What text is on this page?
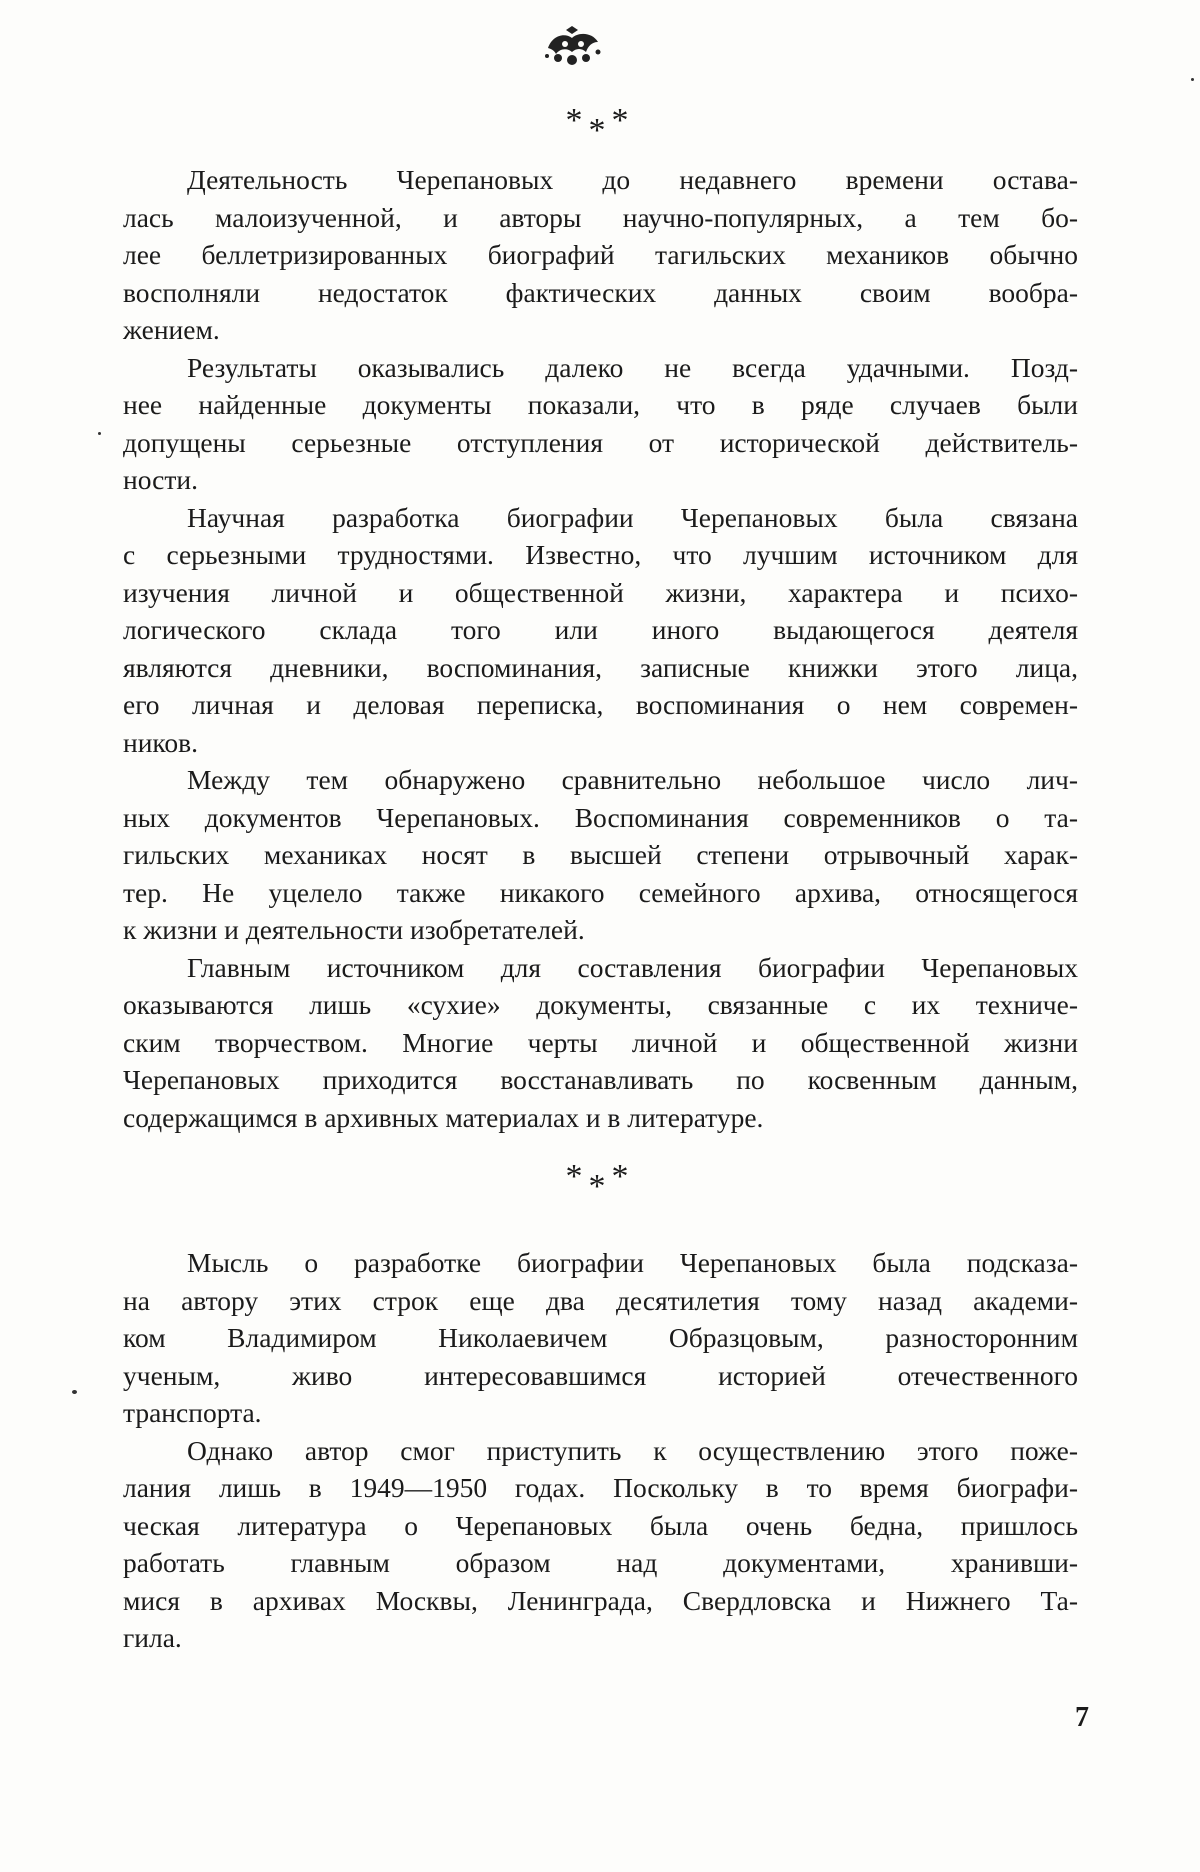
***
Деятельность Черепановых до недавнего времени остава-
лась малоизученной, и авторы научно-популярных, а тем бо-
лее беллетризированных биографий тагильских механиков обычно
восполняли недостаток фактических данных своим вообра-
жением.
Результаты оказывались далеко не всегда удачными. Позд-
нее найденные документы показали, что в ряде случаев были
допущены серьезные отступления от исторической действитель-
ности.
Научная разработка биографии Черепановых была связана
с серьезными трудностями. Известно, что лучшим источником для
изучения личной и общественной жизни, характера и психо-
логического склада того или иного выдающегося деятеля
являются дневники, воспоминания, записные книжки этого лица,
его личная и деловая переписка, воспоминания о нем современ-
ников.
Между тем обнаружено сравнительно небольшое число лич-
ных документов Черепановых. Воспоминания современников о та-
гильских механиках носят в высшей степени отрывочный харак-
тер. Не уцелело также никакого семейного архива, относящегося
к жизни и деятельности изобретателей.
Главным источником для составления биографии Черепановых
оказываются лишь «сухие» документы, связанные с их техниче-
ским творчеством. Многие черты личной и общественной жизни
Черепановых приходится восстанавливать по косвенным данным,
содержащимся в архивных материалах и в литературе.
***
Мысль о разработке биографии Черепановых была подсказа-
на автору этих строк еще два десятилетия тому назад академи-
ком Владимиром Николаевичем Образцовым, разносторонним
ученым, живо интересовавшимся историей отечественного
транспорта.
Однако автор смог приступить к осуществлению этого поже-
лания лишь в 1949—1950 годах. Поскольку в то время биографи-
ческая литература о Черепановых была очень бедна, пришлось
работать главным образом над документами, хранивши-
мися в архивах Москвы, Ленинграда, Свердловска и Нижнего Та-
гила.
7
